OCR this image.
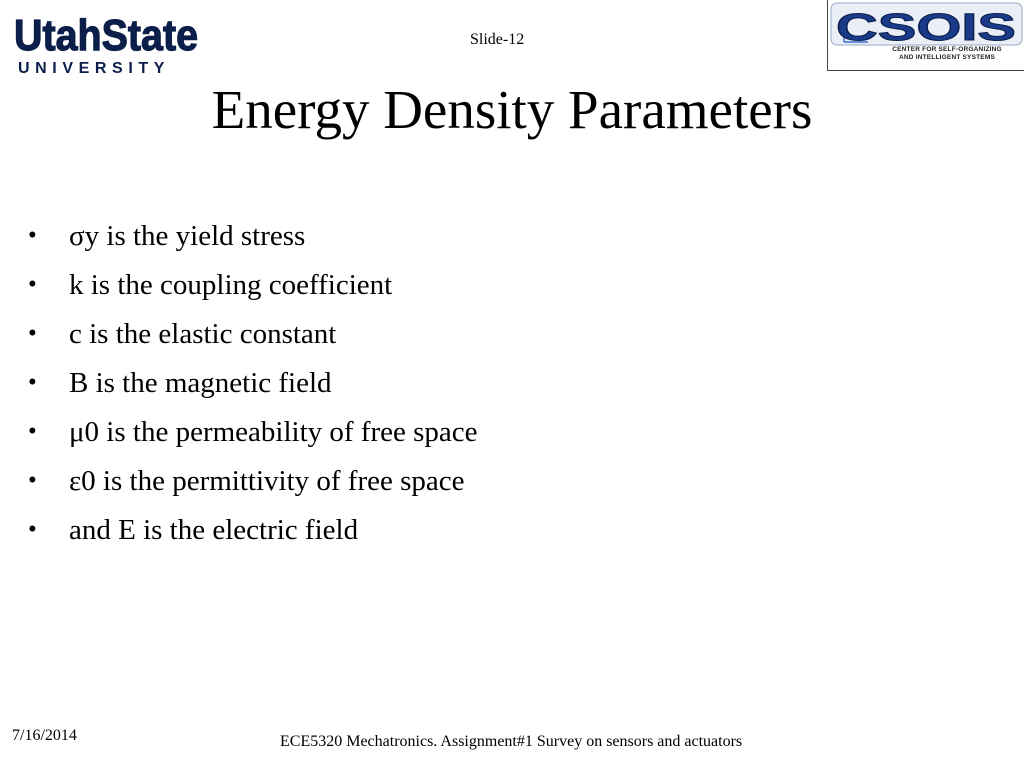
UtahState
UNIVERSITY
Slide-12	CSOIS
CENTER FOR SELF-ORGANIZING
AND INTELLIGENT SYSTEMS
Energy Density Parameters
• σy is the yield stress
• k is the coupling coefficient
• c is the elastic constant
• B is the magnetic field
• μ0 is the permeability of free space
• ε0 is the permittivity of free space
• and E is the electric field
7/16/2014	ECE5320 Mechatronics. Assignment#1 Survey on sensors and actuators
